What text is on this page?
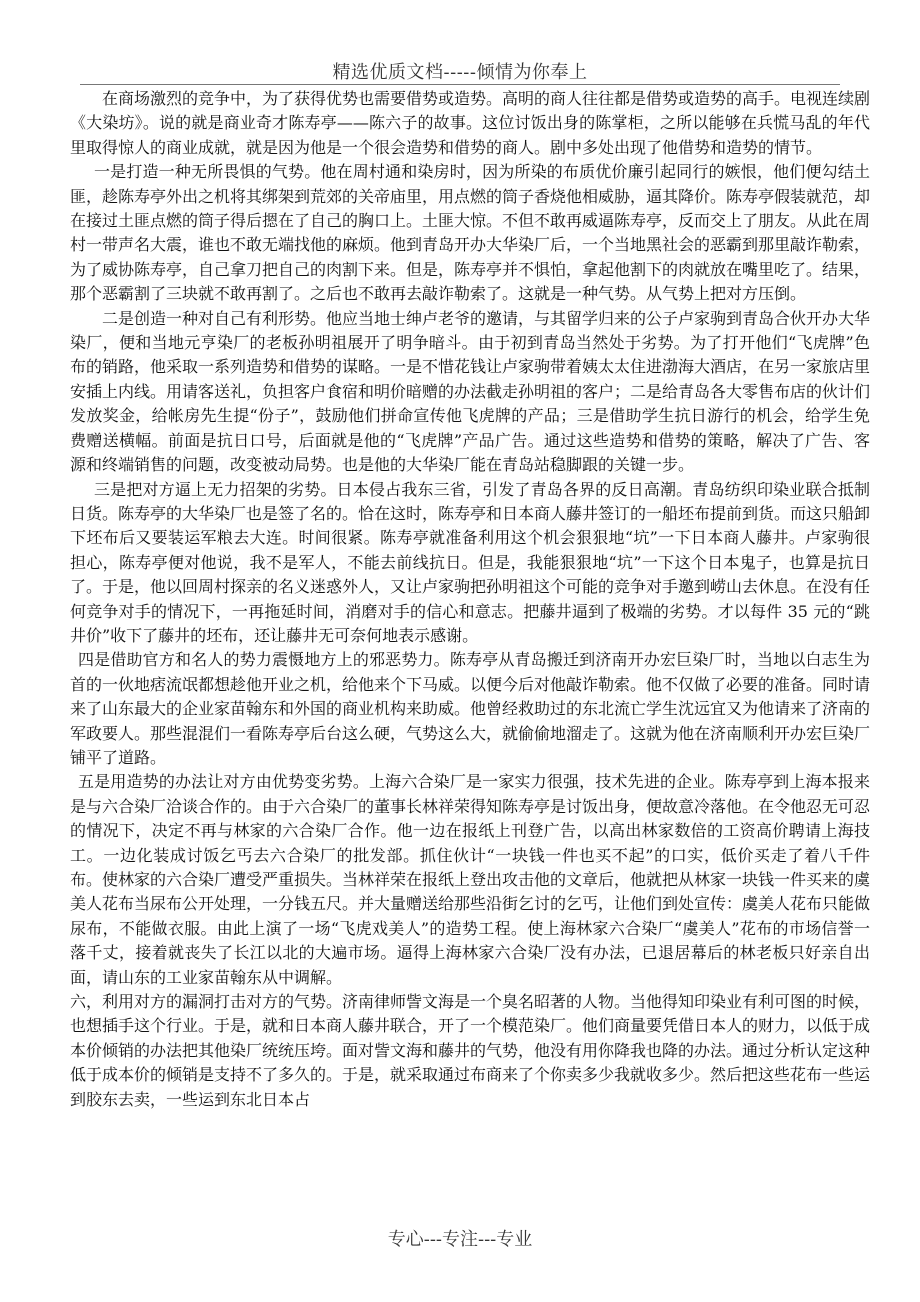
精选优质文档-----倾情为你奉上

在商场激烈的竞争中，为了获得优势也需要借势或造势。高明的商人往往都是借势或造势的高手。电视连续剧《大染坊》。说的就是商业奇才陈寿亭——陈六子的故事。这位讨饭出身的陈掌柜，之所以能够在兵慌马乱的年代里取得惊人的商业成就，就是因为他是一个很会造势和借势的商人。剧中多处出现了他借势和造势的情节。

一是打造一种无所畏惧的气势。他在周村通和染房时，因为所染的布质优价廉引起同行的嫉恨，他们便勾结土匪，趁陈寿亭外出之机将其绑架到荒郊的关帝庙里，用点燃的筒子香烧他相威胁，逼其降价。陈寿亭假装就范，却在接过土匪点燃的筒子得后摁在了自己的胸口上。土匪大惊。不但不敢再威逼陈寿亭，反而交上了朋友。从此在周村一带声名大震，谁也不敢无端找他的麻烦。他到青岛开办大华染厂后，一个当地黑社会的恶霸到那里敲诈勒索，为了威协陈寿亭，自己拿刀把自己的肉割下来。但是，陈寿亭并不惧怕，拿起他割下的肉就放在嘴里吃了。结果，那个恶霸割了三块就不敢再割了。之后也不敢再去敲诈勒索了。这就是一种气势。从气势上把对方压倒。

二是创造一种对自己有利形势。他应当地士绅卢老爷的邀请，与其留学归来的公子卢家驹到青岛合伙开办大华染厂，便和当地元亨染厂的老板孙明祖展开了明争暗斗。由于初到青岛当然处于劣势。为了打开他们“飞虎牌”色布的销路，他采取一系列造势和借势的谋略。一是不惜花钱让卢家驹带着姨太太住进渤海大酒店，在另一家旅店里安插上内线。用请客送礼，负担客户食宿和明价暗赠的办法截走孙明祖的客户；二是给青岛各大零售布店的伙计们发放奖金，给帐房先生提“份子”，鼓励他们拼命宣传他飞虎牌的产品；三是借助学生抗日游行的机会，给学生免费赠送横幅。前面是抗日口号，后面就是他的“飞虎牌”产品广告。通过这些造势和借势的策略，解决了广告、客源和终端销售的问题，改变被动局势。也是他的大华染厂能在青岛站稳脚跟的关键一步。

三是把对方逼上无力招架的劣势。日本侵占我东三省，引发了青岛各界的反日高潮。青岛纺织印染业联合抵制日货。陈寿亭的大华染厂也是签了名的。恰在这时，陈寿亭和日本商人藤井签订的一船坯布提前到货。而这只船卸下坯布后又要装运军粮去大连。时间很紧。陈寿亭就准备利用这个机会狠狠地“坑”一下日本商人藤井。卢家驹很担心，陈寿亭便对他说，我不是军人，不能去前线抗日。但是，我能狠狠地“坑”一下这个日本鬼子，也算是抗日了。于是，他以回周村探亲的名义迷惑外人，又让卢家驹把孙明祖这个可能的竞争对手邀到崂山去休息。在没有任何竞争对手的情况下，一再拖延时间，消磨对手的信心和意志。把藤井逼到了极端的劣势。才以每件 35 元的“跳井价”收下了藤井的坯布，还让藤井无可奈何地表示感谢。

四是借助官方和名人的势力震慑地方上的邪恶势力。陈寿亭从青岛搬迁到济南开办宏巨染厂时，当地以白志生为首的一伙地痞流氓都想趁他开业之机，给他来个下马威。以便今后对他敲诈勒索。他不仅做了必要的准备。同时请来了山东最大的企业家苗翰东和外国的商业机构来助威。他曾经救助过的东北流亡学生沈远宜又为他请来了济南的军政要人。那些混混们一看陈寿亭后台这么硬，气势这么大，就偷偷地溜走了。这就为他在济南顺利开办宏巨染厂铺平了道路。

五是用造势的办法让对方由优势变劣势。上海六合染厂是一家实力很强，技术先进的企业。陈寿亭到上海本报来是与六合染厂洽谈合作的。由于六合染厂的董事长林祥荣得知陈寿亭是讨饭出身，便故意冷落他。在令他忍无可忍的情况下，决定不再与林家的六合染厂合作。他一边在报纸上刊登广告，以高出林家数倍的工资高价聘请上海技工。一边化装成讨饭乞丐去六合染厂的批发部。抓住伙计“一块钱一件也买不起”的口实，低价买走了着八千件布。使林家的六合染厂遭受严重损失。当林祥荣在报纸上登出攻击他的文章后，他就把从林家一块钱一件买来的虞美人花布当尿布公开处理，一分钱五尺。并大量赠送给那些沿街乞讨的乞丐，让他们到处宣传：虞美人花布只能做尿布，不能做衣服。由此上演了一场“飞虎戏美人”的造势工程。使上海林家六合染厂“虞美人”花布的市场信誉一落千丈，接着就丧失了长江以北的大遍市场。逼得上海林家六合染厂没有办法，已退居幕后的林老板只好亲自出面，请山东的工业家苗翰东从中调解。

六，利用对方的漏洞打击对方的气势。济南律师訾文海是一个臭名昭著的人物。当他得知印染业有利可图的时候，也想插手这个行业。于是，就和日本商人藤井联合，开了一个模范染厂。他们商量要凭借日本人的财力，以低于成本价倾销的办法把其他染厂统统压垮。面对訾文海和藤井的气势，他没有用你降我也降的办法。通过分析认定这种低于成本价的倾销是支持不了多久的。于是，就采取通过布商来了个你卖多少我就收多少。然后把这些花布一些运到胶东去卖，一些运到东北日本占

专心---专注---专业
